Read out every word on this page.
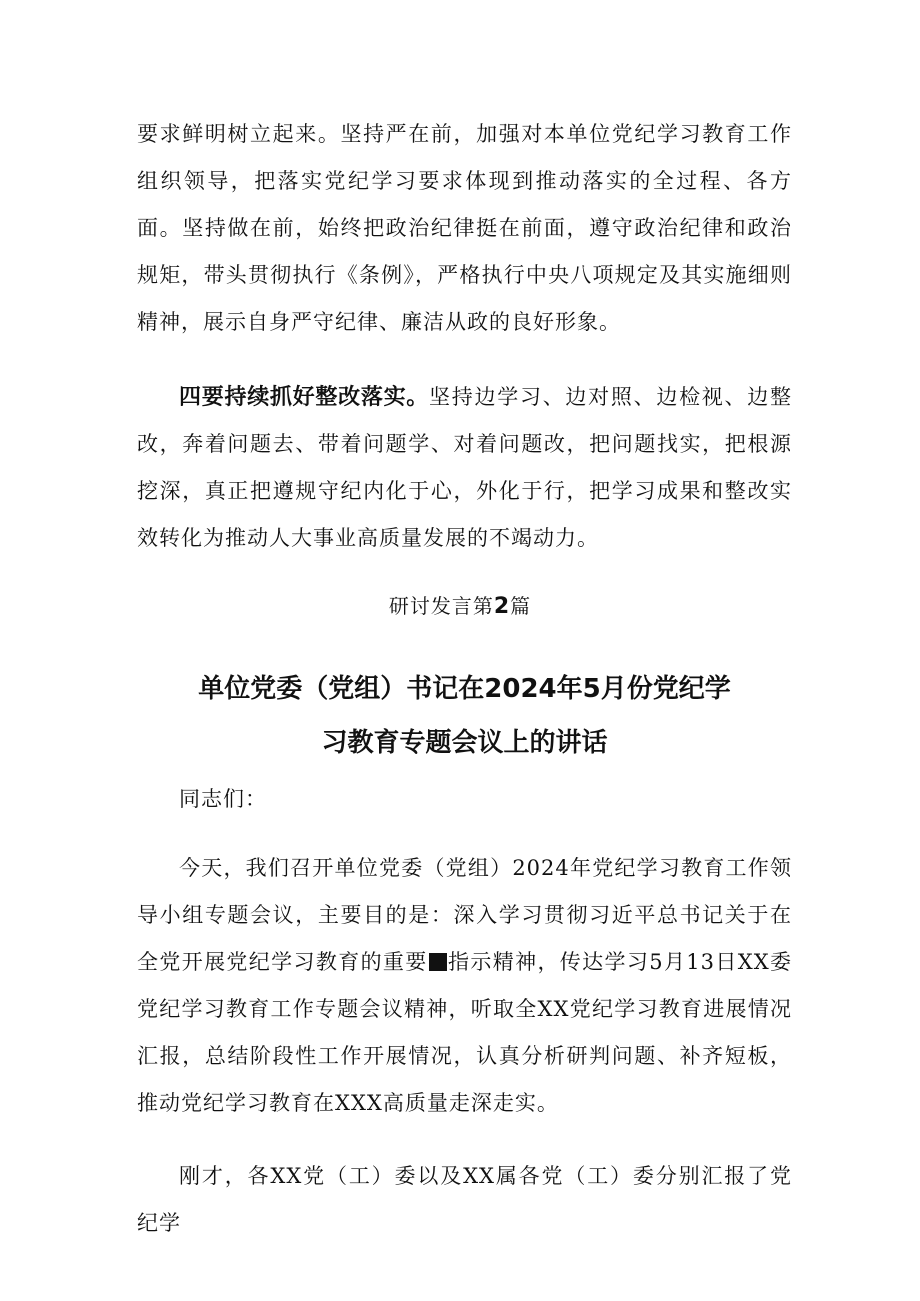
要求鲜明树立起来。坚持严在前，加强对本单位党纪学习教育工作组织领导，把落实党纪学习要求体现到推动落实的全过程、各方面。坚持做在前，始终把政治纪律挺在前面，遵守政治纪律和政治规矩，带头贯彻执行《条例》，严格执行中央八项规定及其实施细则精神，展示自身严守纪律、廉洁从政的良好形象。

四要持续抓好整改落实。坚持边学习、边对照、边检视、边整改，奔着问题去、带着问题学、对着问题改，把问题找实，把根源挖深，真正把遵规守纪内化于心，外化于行，把学习成果和整改实效转化为推动人大事业高质量发展的不竭动力。

研讨发言第2篇

单位党委（党组）书记在2024年5月份党纪学
习教育专题会议上的讲话

同志们：

今天，我们召开单位党委（党组）2024年党纪学习教育工作领导小组专题会议，主要目的是：深入学习贯彻习近平总书记关于在全党开展党纪学习教育的重要 指示精神，传达学习5月13日XX委党纪学习教育工作专题会议精神，听取全XX党纪学习教育进展情况汇报，总结阶段性工作开展情况，认真分析研判问题、补齐短板，推动党纪学习教育在XXX高质量走深走实。

刚才，各XX党（工）委以及XX属各党（工）委分别汇报了党纪学
